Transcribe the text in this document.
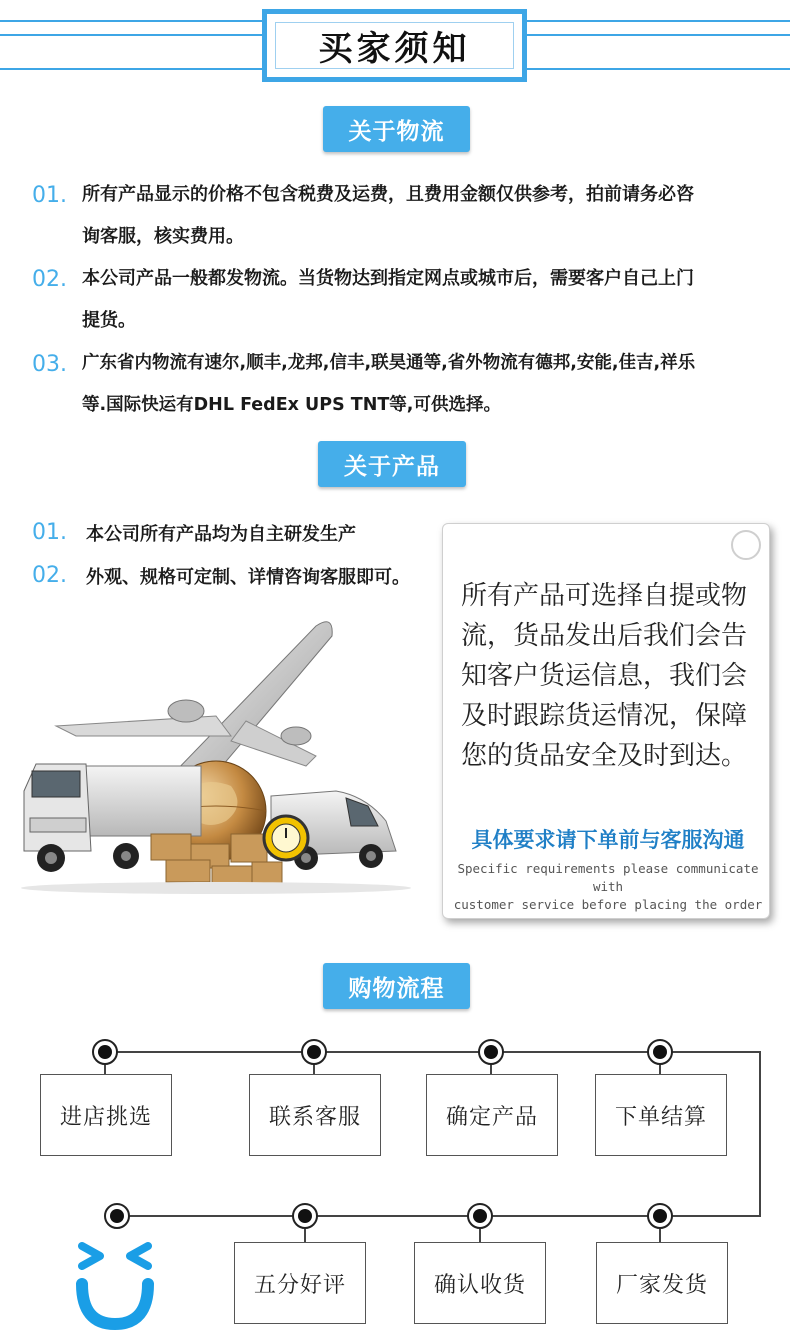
买家须知
关于物流
01. 所有产品显示的价格不包含税费及运费，且费用金额仅供参考，拍前请务必咨
询客服，核实费用。
02. 本公司产品一般都发物流。当货物达到指定网点或城市后，需要客户自己上门
提货。
03. 广东省内物流有速尔,顺丰,龙邦,信丰,联昊通等,省外物流有德邦,安能,佳吉,祥乐
等.国际快运有DHL FedEx UPS TNT等,可供选择。
关于产品
01. 本公司所有产品均为自主研发生产
02. 外观、规格可定制、详情咨询客服即可。
所有产品可选择自提或物流，货品发出后我们会告知客户货运信息，我们会及时跟踪货运情况，保障您的货品安全及时到达。
具体要求请下单前与客服沟通
Specific requirements please communicate with
customer service before placing the order
购物流程
进店挑选	联系客服	确定产品	下单结算
五分好评	确认收货	厂家发货
